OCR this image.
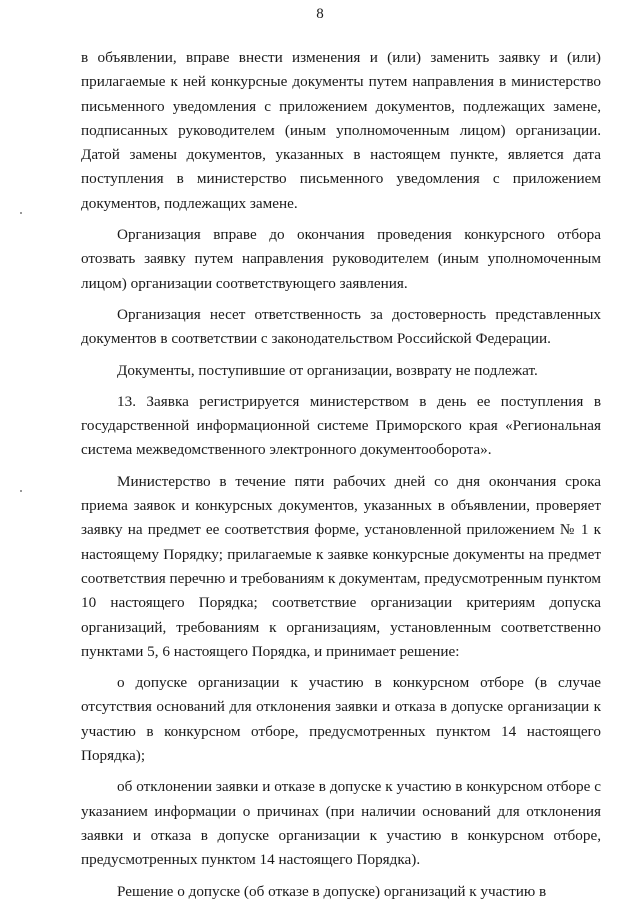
8

в объявлении, вправе внести изменения и (или) заменить заявку и (или) прилагаемые к ней конкурсные документы путем направления в министерство письменного уведомления с приложением документов, подлежащих замене, подписанных руководителем (иным уполномоченным лицом) организации. Датой замены документов, указанных в настоящем пункте, является дата поступления в министерство письменного уведомления с приложением документов, подлежащих замене.

Организация вправе до окончания проведения конкурсного отбора отозвать заявку путем направления руководителем (иным уполномоченным лицом) организации соответствующего заявления.

Организация несет ответственность за достоверность представленных документов в соответствии с законодательством Российской Федерации.

Документы, поступившие от организации, возврату не подлежат.

13. Заявка регистрируется министерством в день ее поступления в государственной информационной системе Приморского края «Региональная система межведомственного электронного документооборота».

Министерство в течение пяти рабочих дней со дня окончания срока приема заявок и конкурсных документов, указанных в объявлении, проверяет заявку на предмет ее соответствия форме, установленной приложением № 1 к настоящему Порядку; прилагаемые к заявке конкурсные документы на предмет соответствия перечню и требованиям к документам, предусмотренным пунктом 10 настоящего Порядка; соответствие организации критериям допуска организаций, требованиям к организациям, установленным соответственно пунктами 5, 6 настоящего Порядка, и принимает решение:

о допуске организации к участию в конкурсном отборе (в случае отсутствия оснований для отклонения заявки и отказа в допуске организации к участию в конкурсном отборе, предусмотренных пунктом 14 настоящего Порядка);

об отклонении заявки и отказе в допуске к участию в конкурсном отборе с указанием информации о причинах (при наличии оснований для отклонения заявки и отказа в допуске организации к участию в конкурсном отборе, предусмотренных пунктом 14 настоящего Порядка).

Решение о допуске (об отказе в допуске) организаций к участию в
